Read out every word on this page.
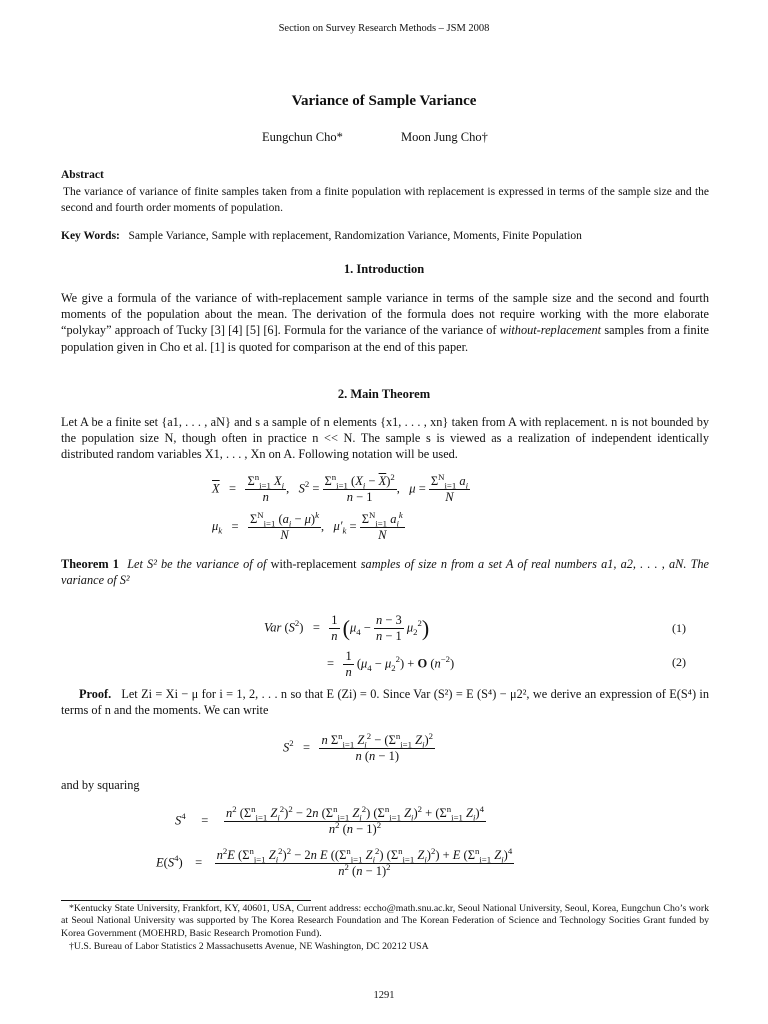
Section on Survey Research Methods – JSM 2008
Variance of Sample Variance
Eungchun Cho*	Moon Jung Cho†
Abstract
The variance of variance of finite samples taken from a finite population with replacement is expressed in terms of the sample size and the second and fourth order moments of population.
Key Words: Sample Variance, Sample with replacement, Randomization Variance, Moments, Finite Population
1. Introduction
We give a formula of the variance of with-replacement sample variance in terms of the sample size and the second and fourth moments of the population about the mean. The derivation of the formula does not require working with the more elaborate “polykay” approach of Tucky [3] [4] [5] [6]. Formula for the variance of the variance of without-replacement samples from a finite population given in Cho et al. [1] is quoted for comparison at the end of this paper.
2. Main Theorem
Let A be a finite set {a1, . . . , aN} and s a sample of n elements {x1, . . . , xn} taken from A with replacement. n is not bounded by the population size N, though often in practice n << N. The sample s is viewed as a realization of independent identically distributed random variables X1, . . . , Xn on A. Following notation will be used.
$\overline{X} = \frac{\Sigma^n_{i=1} X_i}{n}$ ,   $S^2 = \frac{\Sigma^n_{i=1} (X_i - \overline{X})^2}{n - 1}$ ,   $\mu = \frac{\Sigma^N_{i=1} a_i}{N}$
$\mu_k = \frac{\Sigma^N_{i=1} (a_i - \mu)^k}{N}$ ,   $\mu'_k = \frac{\Sigma^N_{i=1} a_i^k}{N}$
Theorem 1 Let S² be the variance of of with-replacement samples of size n from a set A of real numbers a1, a2, . . . , aN. The variance of S²
Var $(S^2) = \frac{1}{n} (\mu_4 - \frac{n - 3}{n - 1} \mu_2^2)$	(1)
= $\frac{1}{n} (\mu_4 - \mu_2^2) + O$ $(n^{-2})$	(2)
Proof. Let Zi = Xi − μ for i = 1, 2, . . . n so that E (Zi) = 0. Since Var (S²) = E (S⁴) − μ2², we derive an expression of E(S⁴) in terms of n and the moments. We can write
$S^2 = \frac{n \Sigma^n_{i=1} Z_i^2 - (\Sigma^n_{i=1} Z_i)^2}{n (n - 1)}$
and by squaring
$S^4$     = $\frac{n^2 (\Sigma^n_{i=1} Z_i^2)^2 - 2n (\Sigma^n_{i=1} Z_i^2) (\Sigma^n_{i=1} Z_i)^2 + (\Sigma^n_{i=1} Z_i)^4}{n^2 (n - 1)^2}$
$E(S^4)$    =
$n^2E$ ($\Sigma^n_{i=1}$ $Z_i^2)^2 - 2n$ E (($\Sigma^n_{i=1}$ $Z_i^2$) ($\Sigma^n_{i=1}$ $Z_i)^2) + E$ ($\Sigma^n_{i=1}$ $Z_i)^4$
$n^2$ $(n - 1)^2$
*Kentucky State University, Frankfort, KY, 40601, USA, Current address: eccho@math.snu.ac.kr, Seoul National University, Seoul, Korea, Eungchun Cho’s work at Seoul National University was supported by The Korea Research Foundation and The Korean Federation of Science and Technology Socities Grant funded by Korea Government (MOEHRD, Basic Research Promotion Fund).
†U.S. Bureau of Labor Statistics 2 Massachusetts Avenue, NE Washington, DC 20212 USA
1291
